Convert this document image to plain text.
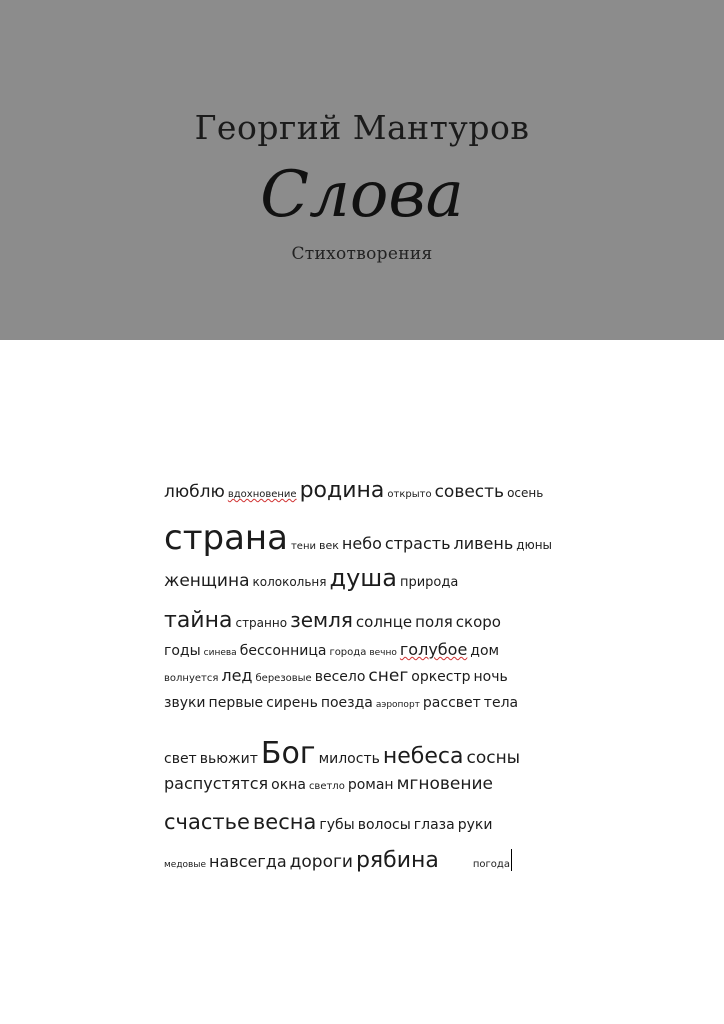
Георгий Мантуров
Слова
Стихотворения
люблю вдохновение родина открыто совесть осень
страна тени век небо страсть ливень дюны
женщина колокольня душа природа
тайна странно земля солнце поля скоро
годы синева бессонница города вечно голубое дом
волнуется лед березовые весело снег оркестр ночь
звуки первые сирень поезда аэропорт рассвет тела
свет вьюжит Бог милость небеса сосны
распустятся окна светло роман мгновение
счастье весна губы волосы глаза руки
медовые навсегда дороги рябина	погода
